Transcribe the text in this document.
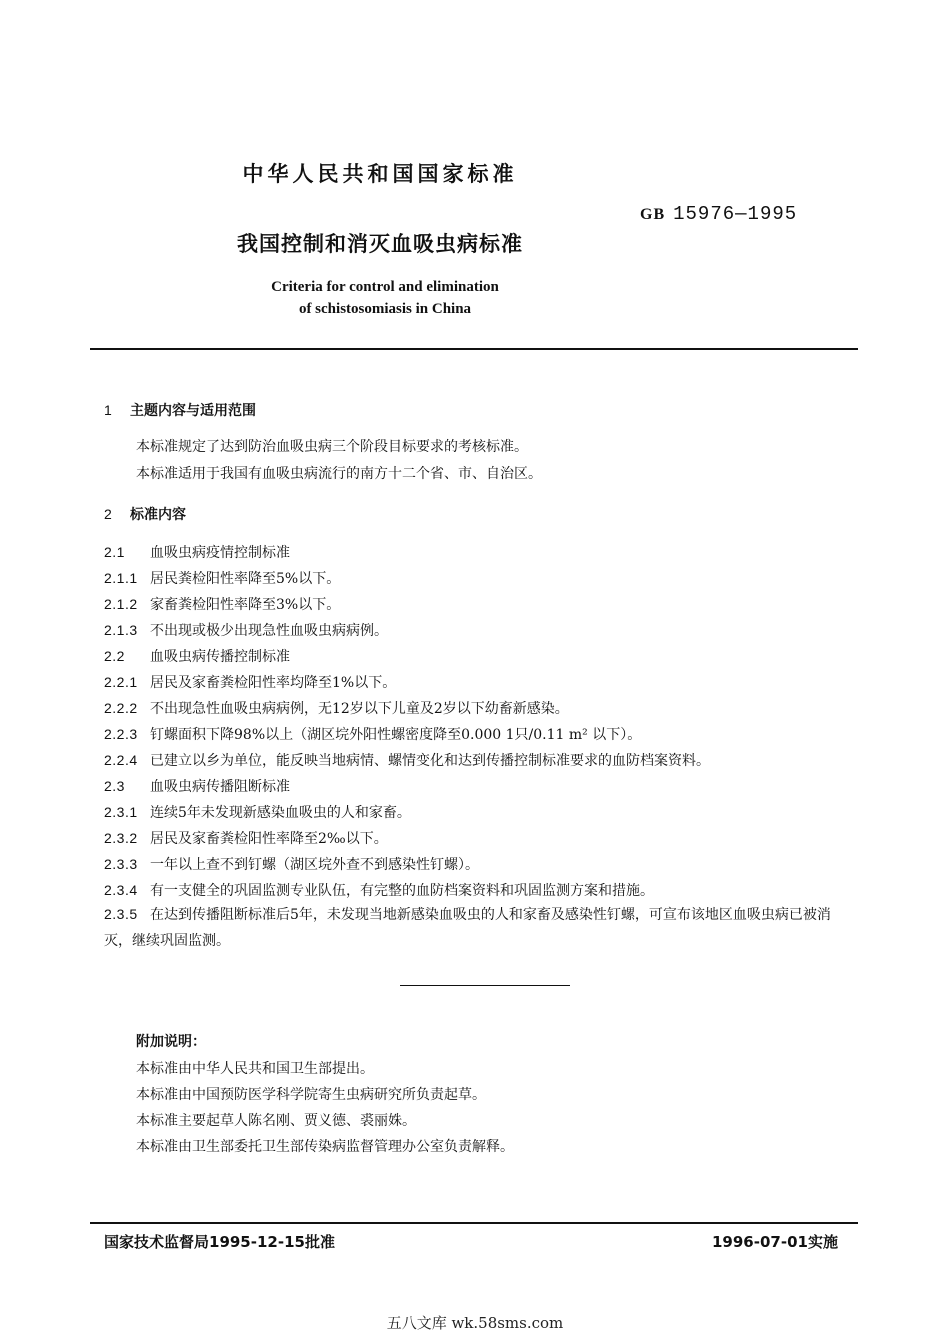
中华人民共和国国家标准
GB 15976—1995
我国控制和消灭血吸虫病标准
Criteria for control and elimination
of schistosomiasis in China
1 主题内容与适用范围
本标准规定了达到防治血吸虫病三个阶段目标要求的考核标准。
本标准适用于我国有血吸虫病流行的南方十二个省、市、自治区。
2 标准内容
2.1 血吸虫病疫情控制标准
2.1.1 居民粪检阳性率降至5%以下。
2.1.2 家畜粪检阳性率降至3%以下。
2.1.3 不出现或极少出现急性血吸虫病病例。
2.2 血吸虫病传播控制标准
2.2.1 居民及家畜粪检阳性率均降至1%以下。
2.2.2 不出现急性血吸虫病病例，无12岁以下儿童及2岁以下幼畜新感染。
2.2.3 钉螺面积下降98%以上（湖区垸外阳性螺密度降至0.000 1只/0.11 m² 以下）。
2.2.4 已建立以乡为单位，能反映当地病情、螺情变化和达到传播控制标准要求的血防档案资料。
2.3 血吸虫病传播阻断标准
2.3.1 连续5年未发现新感染血吸虫的人和家畜。
2.3.2 居民及家畜粪检阳性率降至2‰以下。
2.3.3 一年以上查不到钉螺（湖区垸外查不到感染性钉螺）。
2.3.4 有一支健全的巩固监测专业队伍，有完整的血防档案资料和巩固监测方案和措施。
2.3.5 在达到传播阻断标准后5年，未发现当地新感染血吸虫的人和家畜及感染性钉螺，可宣布该地区血吸虫病已被消灭，继续巩固监测。
附加说明：
本标准由中华人民共和国卫生部提出。
本标准由中国预防医学科学院寄生虫病研究所负责起草。
本标准主要起草人陈名刚、贾义德、裘丽姝。
本标准由卫生部委托卫生部传染病监督管理办公室负责解释。
国家技术监督局1995-12-15批准	1996-07-01实施
五八文库 wk.58sms.com
